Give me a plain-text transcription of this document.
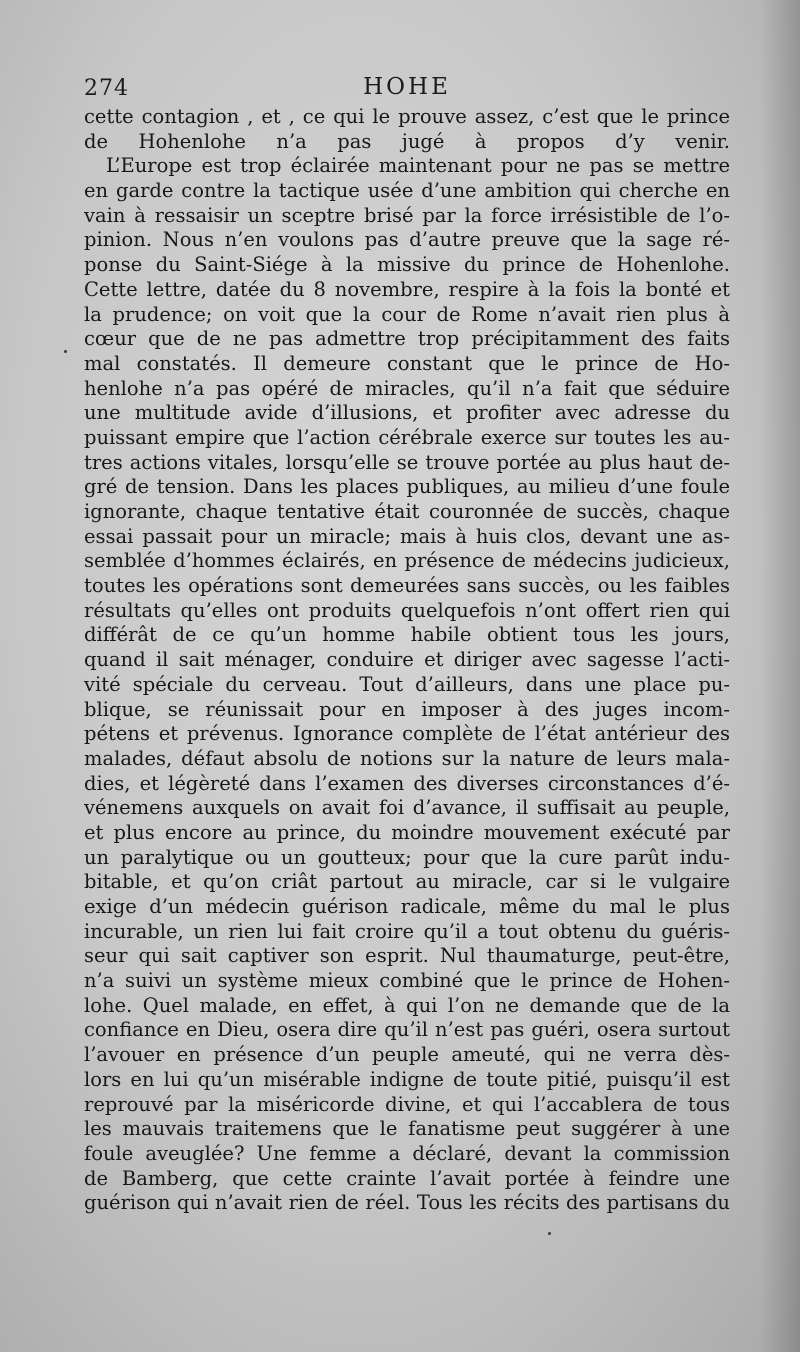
274	HOHE
cette contagion , et , ce qui le prouve assez, c’est que le prince
de Hohenlohe n’a pas jugé à propos d’y venir.
L’Europe est trop éclairée maintenant pour ne pas se mettre
en garde contre la tactique usée d’une ambition qui cherche en
vain à ressaisir un sceptre brisé par la force irrésistible de l’o-
pinion. Nous n’en voulons pas d’autre preuve que la sage ré-
ponse du Saint-Siége à la missive du prince de Hohenlohe.
Cette lettre, datée du 8 novembre, respire à la fois la bonté et
la prudence; on voit que la cour de Rome n’avait rien plus à
cœur que de ne pas admettre trop précipitamment des faits
mal constatés. Il demeure constant que le prince de Ho-
henlohe n’a pas opéré de miracles, qu’il n’a fait que séduire
une multitude avide d’illusions, et profiter avec adresse du
puissant empire que l’action cérébrale exerce sur toutes les au-
tres actions vitales, lorsqu’elle se trouve portée au plus haut de-
gré de tension. Dans les places publiques, au milieu d’une foule
ignorante, chaque tentative était couronnée de succès, chaque
essai passait pour un miracle; mais à huis clos, devant une as-
semblée d’hommes éclairés, en présence de médecins judicieux,
toutes les opérations sont demeurées sans succès, ou les faibles
résultats qu’elles ont produits quelquefois n’ont offert rien qui
différât de ce qu’un homme habile obtient tous les jours,
quand il sait ménager, conduire et diriger avec sagesse l’acti-
vité spéciale du cerveau. Tout d’ailleurs, dans une place pu-
blique, se réunissait pour en imposer à des juges incom-
pétens et prévenus. Ignorance complète de l’état antérieur des
malades, défaut absolu de notions sur la nature de leurs mala-
dies, et légèreté dans l’examen des diverses circonstances d’é-
vénemens auxquels on avait foi d’avance, il suffisait au peuple,
et plus encore au prince, du moindre mouvement exécuté par
un paralytique ou un goutteux; pour que la cure parût indu-
bitable, et qu’on criât partout au miracle, car si le vulgaire
exige d’un médecin guérison radicale, même du mal le plus
incurable, un rien lui fait croire qu’il a tout obtenu du guéris-
seur qui sait captiver son esprit. Nul thaumaturge, peut-être,
n’a suivi un système mieux combiné que le prince de Hohen-
lohe. Quel malade, en effet, à qui l’on ne demande que de la
confiance en Dieu, osera dire qu’il n’est pas guéri, osera surtout
l’avouer en présence d’un peuple ameuté, qui ne verra dès-
lors en lui qu’un misérable indigne de toute pitié, puisqu’il est
reprouvé par la miséricorde divine, et qui l’accablera de tous
les mauvais traitemens que le fanatisme peut suggérer à une
foule aveuglée? Une femme a déclaré, devant la commission
de Bamberg, que cette crainte l’avait portée à feindre une
guérison qui n’avait rien de réel. Tous les récits des partisans du
